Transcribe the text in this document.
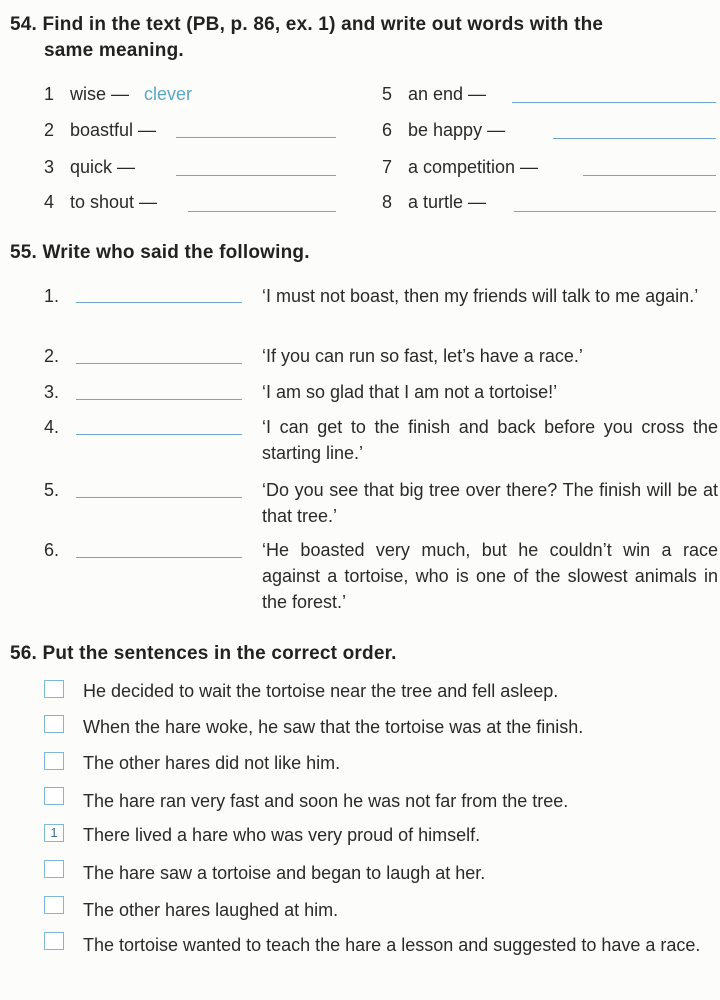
54. Find in the text (PB, p. 86, ex. 1) and write out words with the
same meaning.
1 wise — clever
2 boastful —
3 quick —
4 to shout —
5 an end —
6 be happy —
7 a competition —
8 a turtle —
55. Write who said the following.
1.	‘I must not boast, then my friends will talk to me again.’
2.	‘If you can run so fast, let’s have a race.’
3.	‘I am so glad that I am not a tortoise!’
4.	‘I can get to the finish and back before you cross the starting line.’
5.	‘Do you see that big tree over there? The finish will be at that tree.’
6.	‘He boasted very much, but he couldn’t win a race against a tortoise, who is one of the slowest animals in the forest.’
56. Put the sentences in the correct order.
He decided to wait the tortoise near the tree and fell asleep.
When the hare woke, he saw that the tortoise was at the finish.
The other hares did not like him.
The hare ran very fast and soon he was not far from the tree.
1	There lived a hare who was very proud of himself.
The hare saw a tortoise and began to laugh at her.
The other hares laughed at him.
The tortoise wanted to teach the hare a lesson and suggested to have a race.
